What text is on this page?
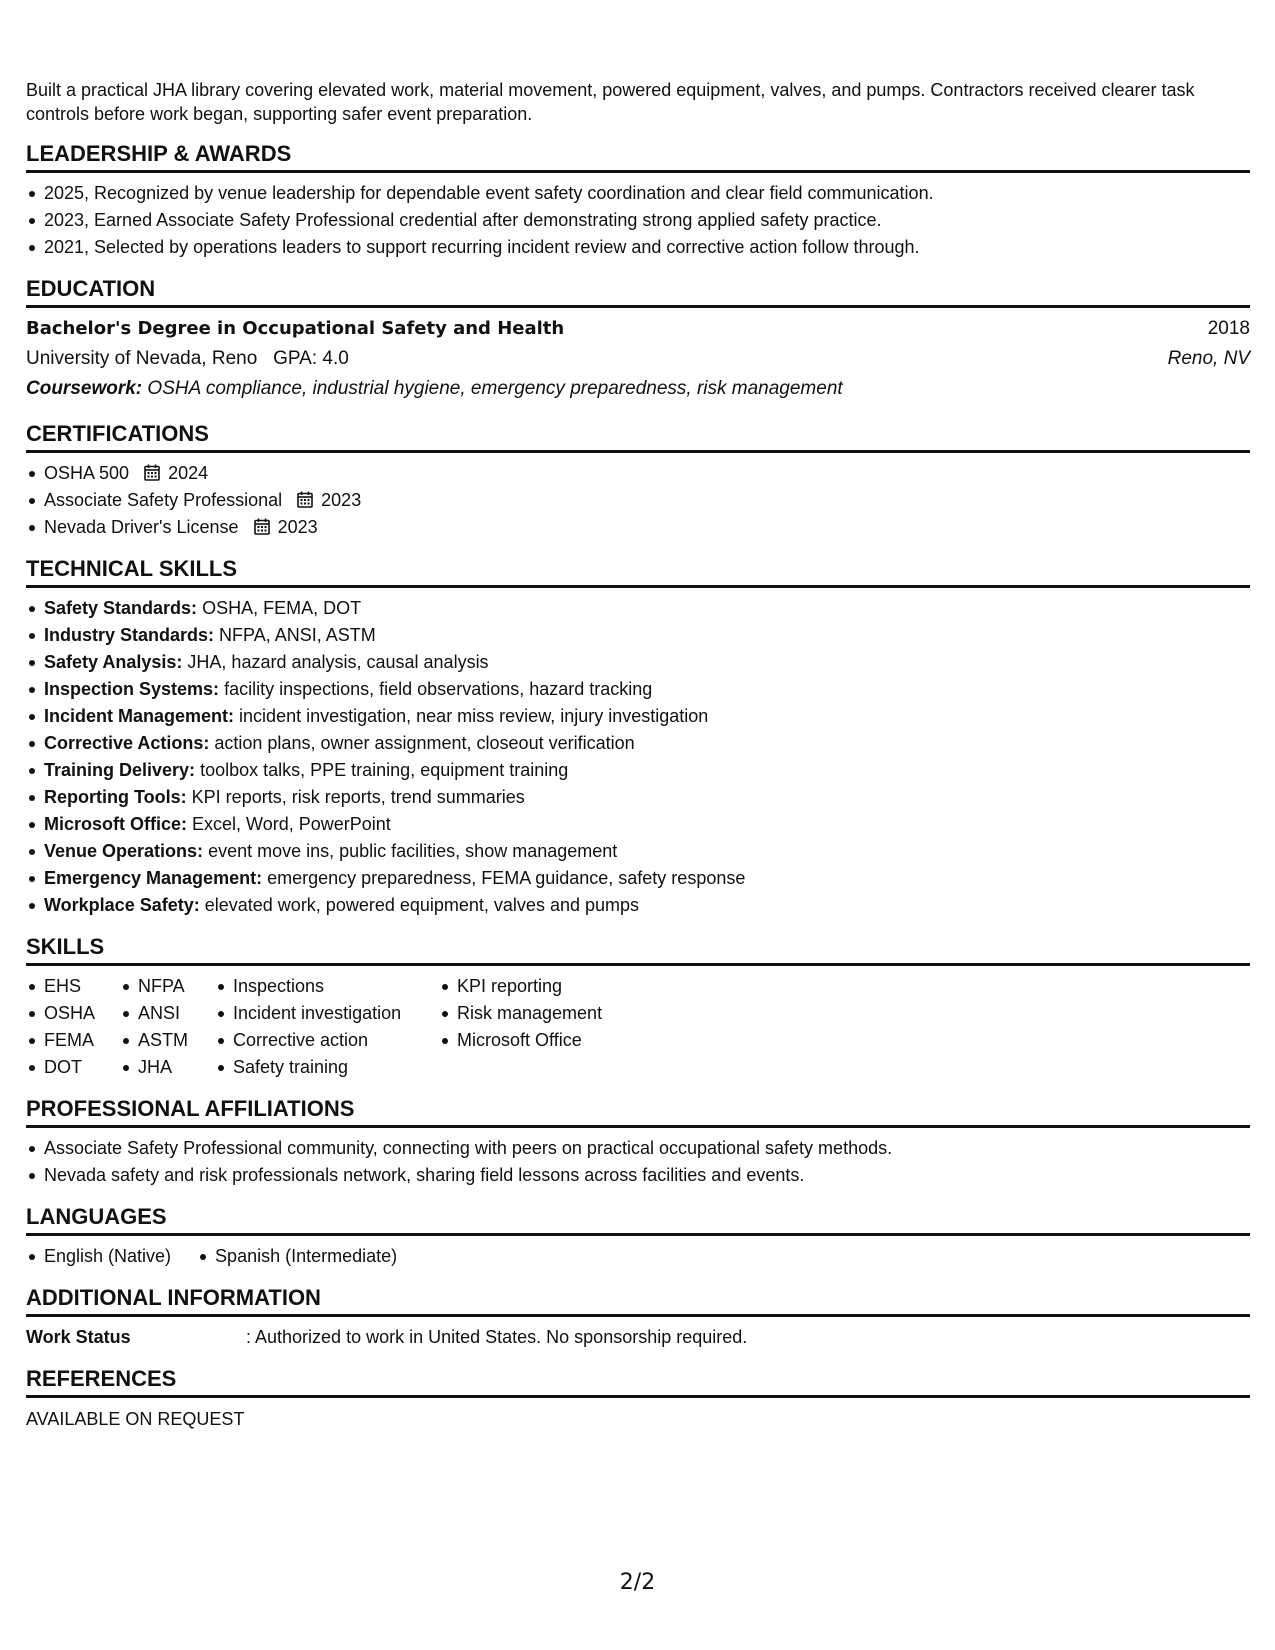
Built a practical JHA library covering elevated work, material movement, powered equipment, valves, and pumps. Contractors received clearer task controls before work began, supporting safer event preparation.

LEADERSHIP & AWARDS
2025, Recognized by venue leadership for dependable event safety coordination and clear field communication.
2023, Earned Associate Safety Professional credential after demonstrating strong applied safety practice.
2021, Selected by operations leaders to support recurring incident review and corrective action follow through.
EDUCATION
Bachelor's Degree in Occupational Safety and Health	2018
University of Nevada, Reno GPA: 4.0	Reno, NV
Coursework: OSHA compliance, industrial hygiene, emergency preparedness, risk management
CERTIFICATIONS
OSHA 500 2024
Associate Safety Professional 2023
Nevada Driver's License 2023
TECHNICAL SKILLS
Safety Standards: OSHA, FEMA, DOT
Industry Standards: NFPA, ANSI, ASTM
Safety Analysis: JHA, hazard analysis, causal analysis
Inspection Systems: facility inspections, field observations, hazard tracking
Incident Management: incident investigation, near miss review, injury investigation
Corrective Actions: action plans, owner assignment, closeout verification
Training Delivery: toolbox talks, PPE training, equipment training
Reporting Tools: KPI reports, risk reports, trend summaries
Microsoft Office: Excel, Word, PowerPoint
Venue Operations: event move ins, public facilities, show management
Emergency Management: emergency preparedness, FEMA guidance, safety response
Workplace Safety: elevated work, powered equipment, valves and pumps
SKILLS
EHS
OSHA
FEMA
DOT
NFPA
ANSI
ASTM
JHA
Inspections
Incident investigation
Corrective action
Safety training
KPI reporting
Risk management
Microsoft Office
PROFESSIONAL AFFILIATIONS
Associate Safety Professional community, connecting with peers on practical occupational safety methods.
Nevada safety and risk professionals network, sharing field lessons across facilities and events.
LANGUAGES
English (Native)	Spanish (Intermediate)
ADDITIONAL INFORMATION
Work Status	: Authorized to work in United States. No sponsorship required.
REFERENCES
AVAILABLE ON REQUEST
2/2
